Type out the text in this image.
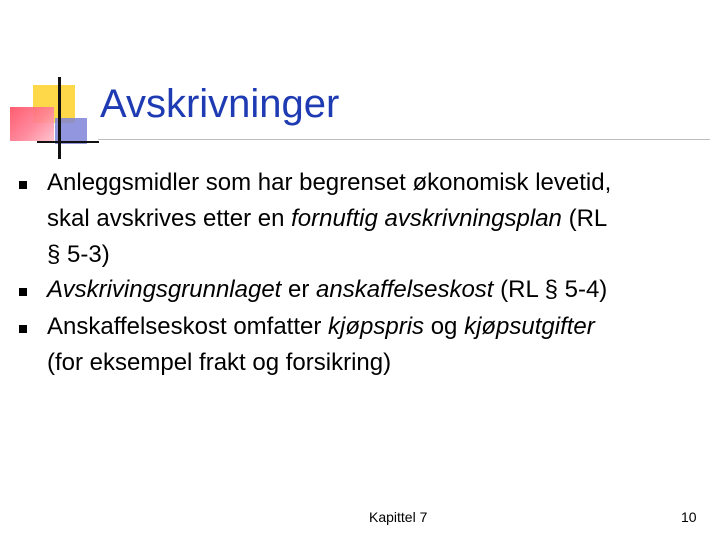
Avskrivninger
Anleggsmidler som har begrenset økonomisk levetid,
skal avskrives etter en fornuftig avskrivningsplan (RL
§ 5-3)
Avskrivingsgrunnlaget er anskaffelseskost (RL § 5-4)
Anskaffelseskost omfatter kjøpspris og kjøpsutgifter
(for eksempel frakt og forsikring)
Kapittel 7	10
